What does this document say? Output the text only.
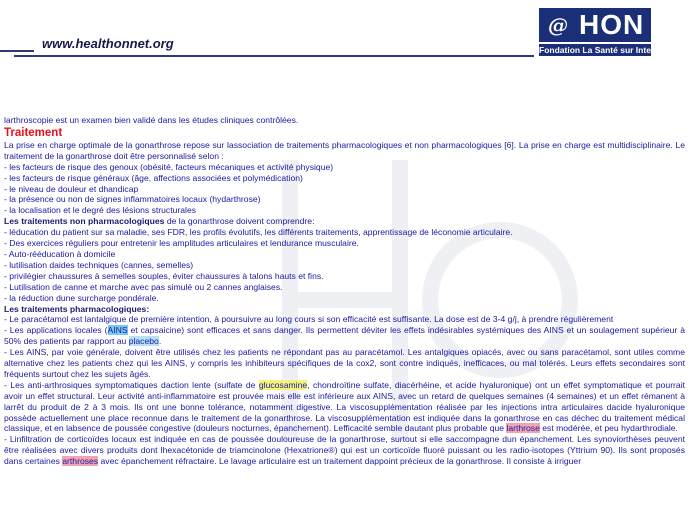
www.healthonnet.org
@ HON
Fondation La Santé sur Internet

larthroscopie est un examen bien validé dans les études cliniques contrôlées.

Traitement

La prise en charge optimale de la gonarthrose repose sur lassociation de traitements pharmacologiques et non pharmacologiques [6]. La prise en charge est multidisciplinaire. Le traitement de la gonarthrose doit être personnalisé selon :

- les facteurs de risque des genoux (obésité, facteurs mécaniques et activité physique)

- les facteurs de risque généraux (âge, affections associées et polymédication)

- le niveau de douleur et dhandicap

- la présence ou non de signes inflammatoires locaux (hydarthrose)

- la localisation et le degré des lésions structurales

Les traitements non pharmacologiques de la gonarthrose doivent comprendre:

- léducation du patient sur sa maladie, ses FDR, les profils évolutifs, les différents traitements, apprentissage de léconomie articulaire.

- Des exercices réguliers pour entretenir les amplitudes articulaires et lendurance musculaire.

- Auto-rééducation à domicile

- lutilisation daides techniques (cannes, semelles)

- privilégier chaussures à semelles souples, éviter chaussures à talons hauts et fins.

- Lutilisation de canne et marche avec pas simulé ou 2 cannes anglaises.

- la réduction dune surcharge pondérale.

Les traitements pharmacologiques:

- Le paracétamol est lantalgique de première intention, à poursuivre au long cours si son efficacité est suffisante. La dose est de 3-4 g/j, à prendre régulièrement

- Les applications locales (AINS et capsaicine) sont efficaces et sans danger. Ils permettent déviter les effets indésirables systémiques des AINS et un soulagement supérieur à 50% des patients par rapport au placebo.

- Les AINS, par voie générale, doivent être utilisés chez les patients ne répondant pas au paracétamol. Les antalgiques opiacés, avec ou sans paracétamol, sont utiles comme alternative chez les patients chez qui les AINS, y compris les inhibiteurs spécifiques de la cox2, sont contre indiqués, inefficaces, ou mal tolérés. Leurs effets secondaires sont fréquents surtout chez les sujets âgés.

- Les anti-arthrosiques symptomatiques daction lente (sulfate de glucosamine, chondroïtine sulfate, diacérhéine, et acide hyaluronique) ont un effet symptomatique et pourrait avoir un effet structural. Leur activité anti-inflammatoire est prouvée mais elle est inférieure aux AINS, avec un retard de quelques semaines (4 semaines) et un effet rémanent à larrêt du produit de 2 à 3 mois. Ils ont une bonne tolérance, notamment digestive. La viscosupplémentation réalisée par les injections intra articulaires dacide hyaluronique possède actuellement une place reconnue dans le traitement de la gonarthrose. La viscosupplémentation est indiquée dans la gonarthrose en cas déchec du traitement médical classique, et en labsence de poussée congestive (douleurs nocturnes, épanchement). Lefficacité semble dautant plus probable que larthrose est modérée, et peu hydarthrodiale.

- Linfiltration de corticoïdes locaux est indiquée en cas de poussée douloureuse de la gonarthrose, surtout si elle saccompagne dun épanchement. Les synoviorthèses peuvent être réalisées avec divers produits dont lhexacétonide de triamcinolone (Hexatrione®) qui est un corticoïde fluoré puissant ou les radio-isotopes (Yttrium 90). Ils sont proposés dans certaines arthroses avec épanchement réfractaire. Le lavage articulaire est un traitement dappoint précieux de la gonarthrose. Il consiste à irriguer
